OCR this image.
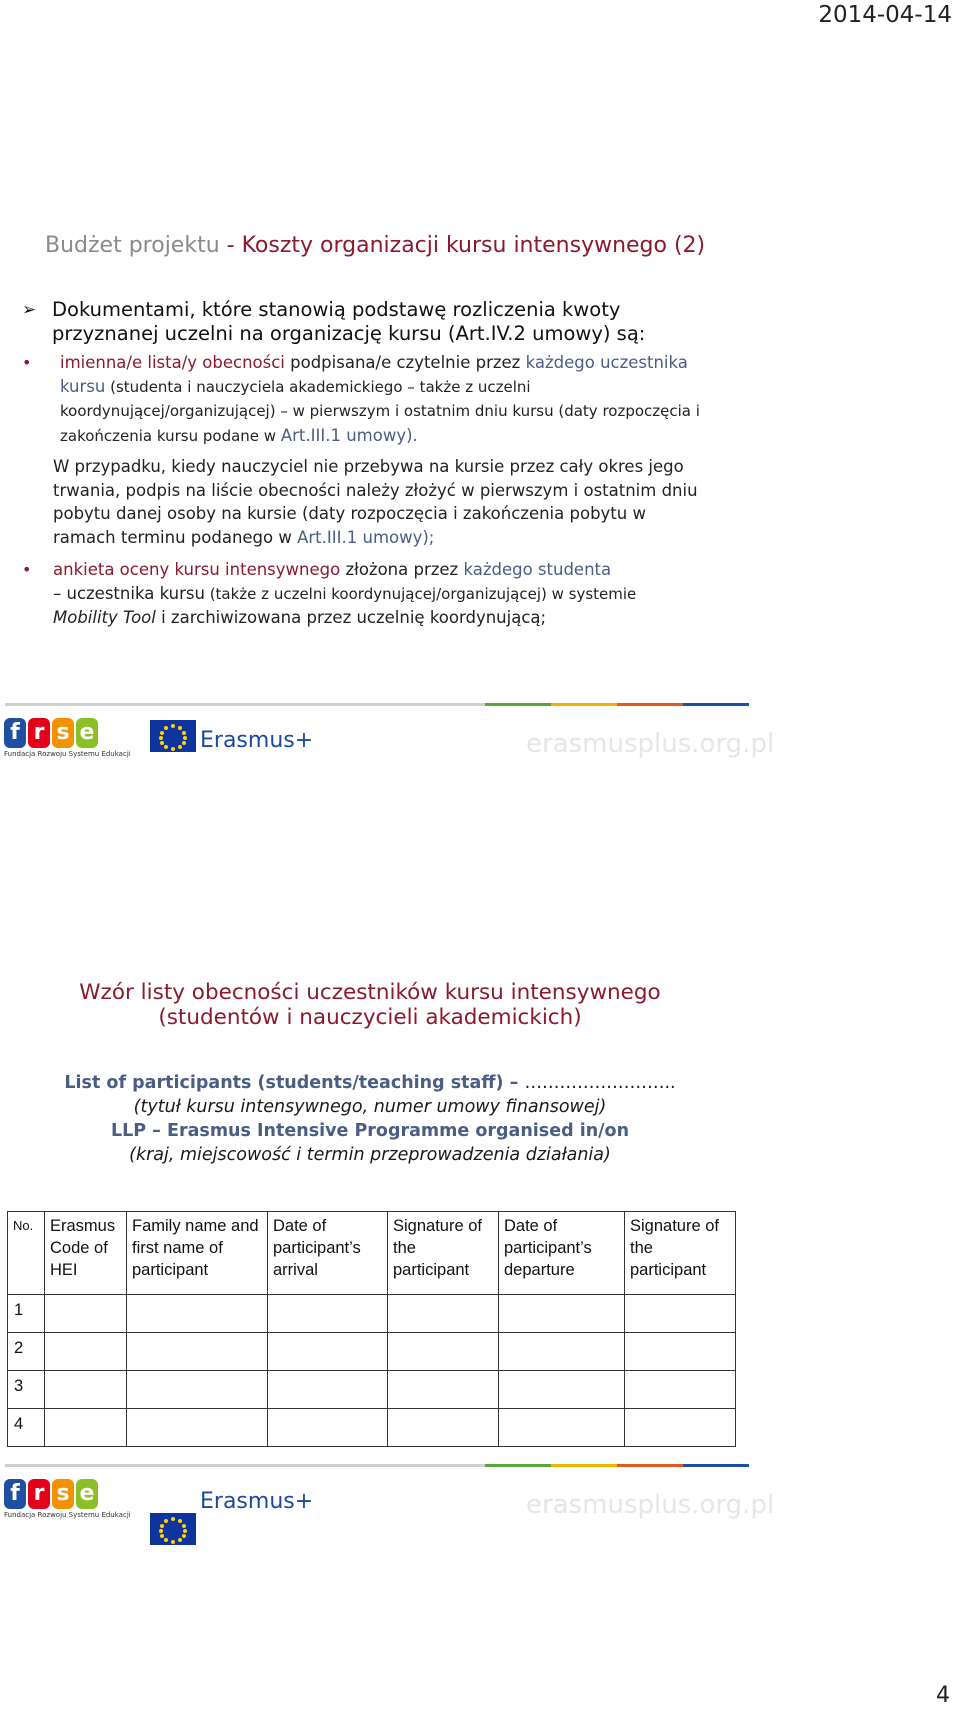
2014-04-14
Budżet projektu - Koszty organizacji kursu intensywnego (2)
➢ Dokumentami, które stanowią podstawę rozliczenia kwoty
przyznanej uczelni na organizację kursu (Art.IV.2 umowy) są:
•	imienna/e lista/y obecności podpisana/e czytelnie przez każdego uczestnika kursu (studenta i nauczyciela akademickiego – także z uczelni koordynującej/organizującej) – w pierwszym i ostatnim dniu kursu (daty rozpoczęcia i zakończenia kursu podane w Art.III.1 umowy).
W przypadku, kiedy nauczyciel nie przebywa na kursie przez cały okres jego trwania, podpis na liście obecności należy złożyć w pierwszym i ostatnim dniu pobytu danej osoby na kursie (daty rozpoczęcia i zakończenia pobytu w ramach terminu podanego w Art.III.1 umowy);
•	ankieta oceny kursu intensywnego złożona przez każdego studenta
– uczestnika kursu (także z uczelni koordynującej/organizującej) w systemie
Mobility Tool i zarchiwizowana przez uczelnię koordynującą;
f r s e
Fundacja Rozwoju Systemu Edukacji
Erasmus+	erasmusplus.org.pl
Wzór listy obecności uczestników kursu intensywnego
(studentów i nauczycieli akademickich)
List of participants (students/teaching staff) – ……………………..
(tytuł kursu intensywnego, numer umowy finansowej)
LLP – Erasmus Intensive Programme organised in/on
(kraj, miejscowość i termin przeprowadzenia działania)
No.	Erasmus Code of HEI	Family name and first name of participant	Date of participant’s arrival	Signature of the participant	Date of participant’s departure	Signature of the participant
1						
2						
3						
4						
f r s e
Fundacja Rozwoju Systemu Edukacji
Erasmus+	erasmusplus.org.pl
4
